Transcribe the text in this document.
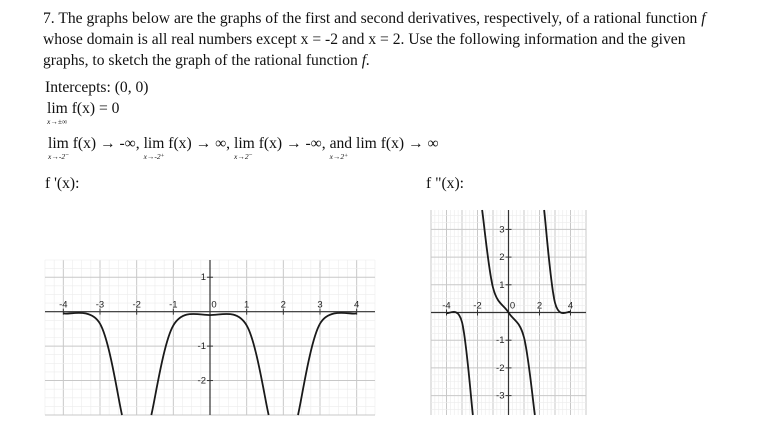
7. The graphs below are the graphs of the first and second derivatives, respectively, of a rational function f whose domain is all real numbers except x = -2 and x = 2. Use the following information and the given graphs, to sketch the graph of the rational function f.
Intercepts: (0, 0)
lim
x→±∞
f(x) = 0
lim
x→-2⁻
f(x) → -∞, lim
x→-2⁺
f(x) → ∞, lim
x→2⁻
f(x) → -∞, and lim
x→2⁺
f(x) → ∞
f '(x):	f "(x):
-4	-3	-2	-1	0	1	2	3	4
1
-1
-2
-4 -2	0 2	4
3
2
1
-1
-2
-3
